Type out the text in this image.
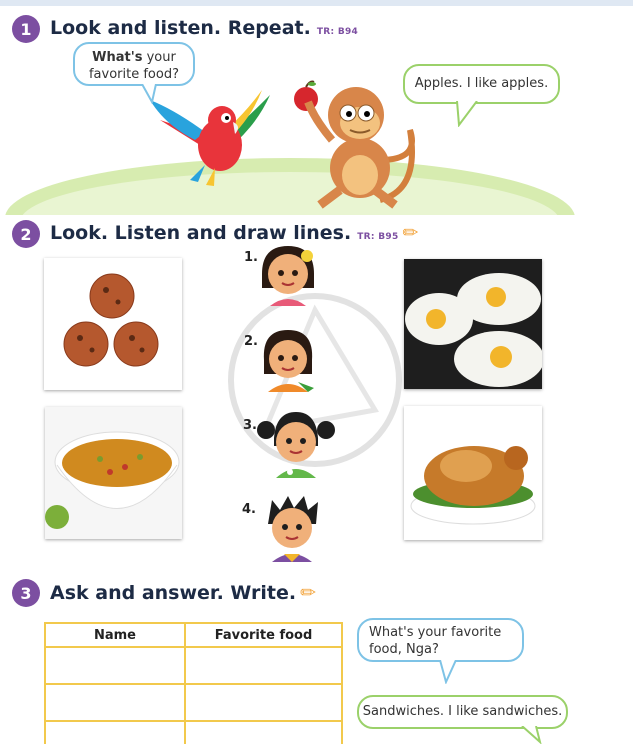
1 Look and listen. Repeat. TR: B94
What's your
favorite food?
Apples. I like apples.
2 Look. Listen and draw lines. TR: B95 ✏
1.
2.
3.
4.
3 Ask and answer. Write. ✏
Name	Favorite food

		What's your favorite food, Nga?
Sandwiches. I like sandwiches.
